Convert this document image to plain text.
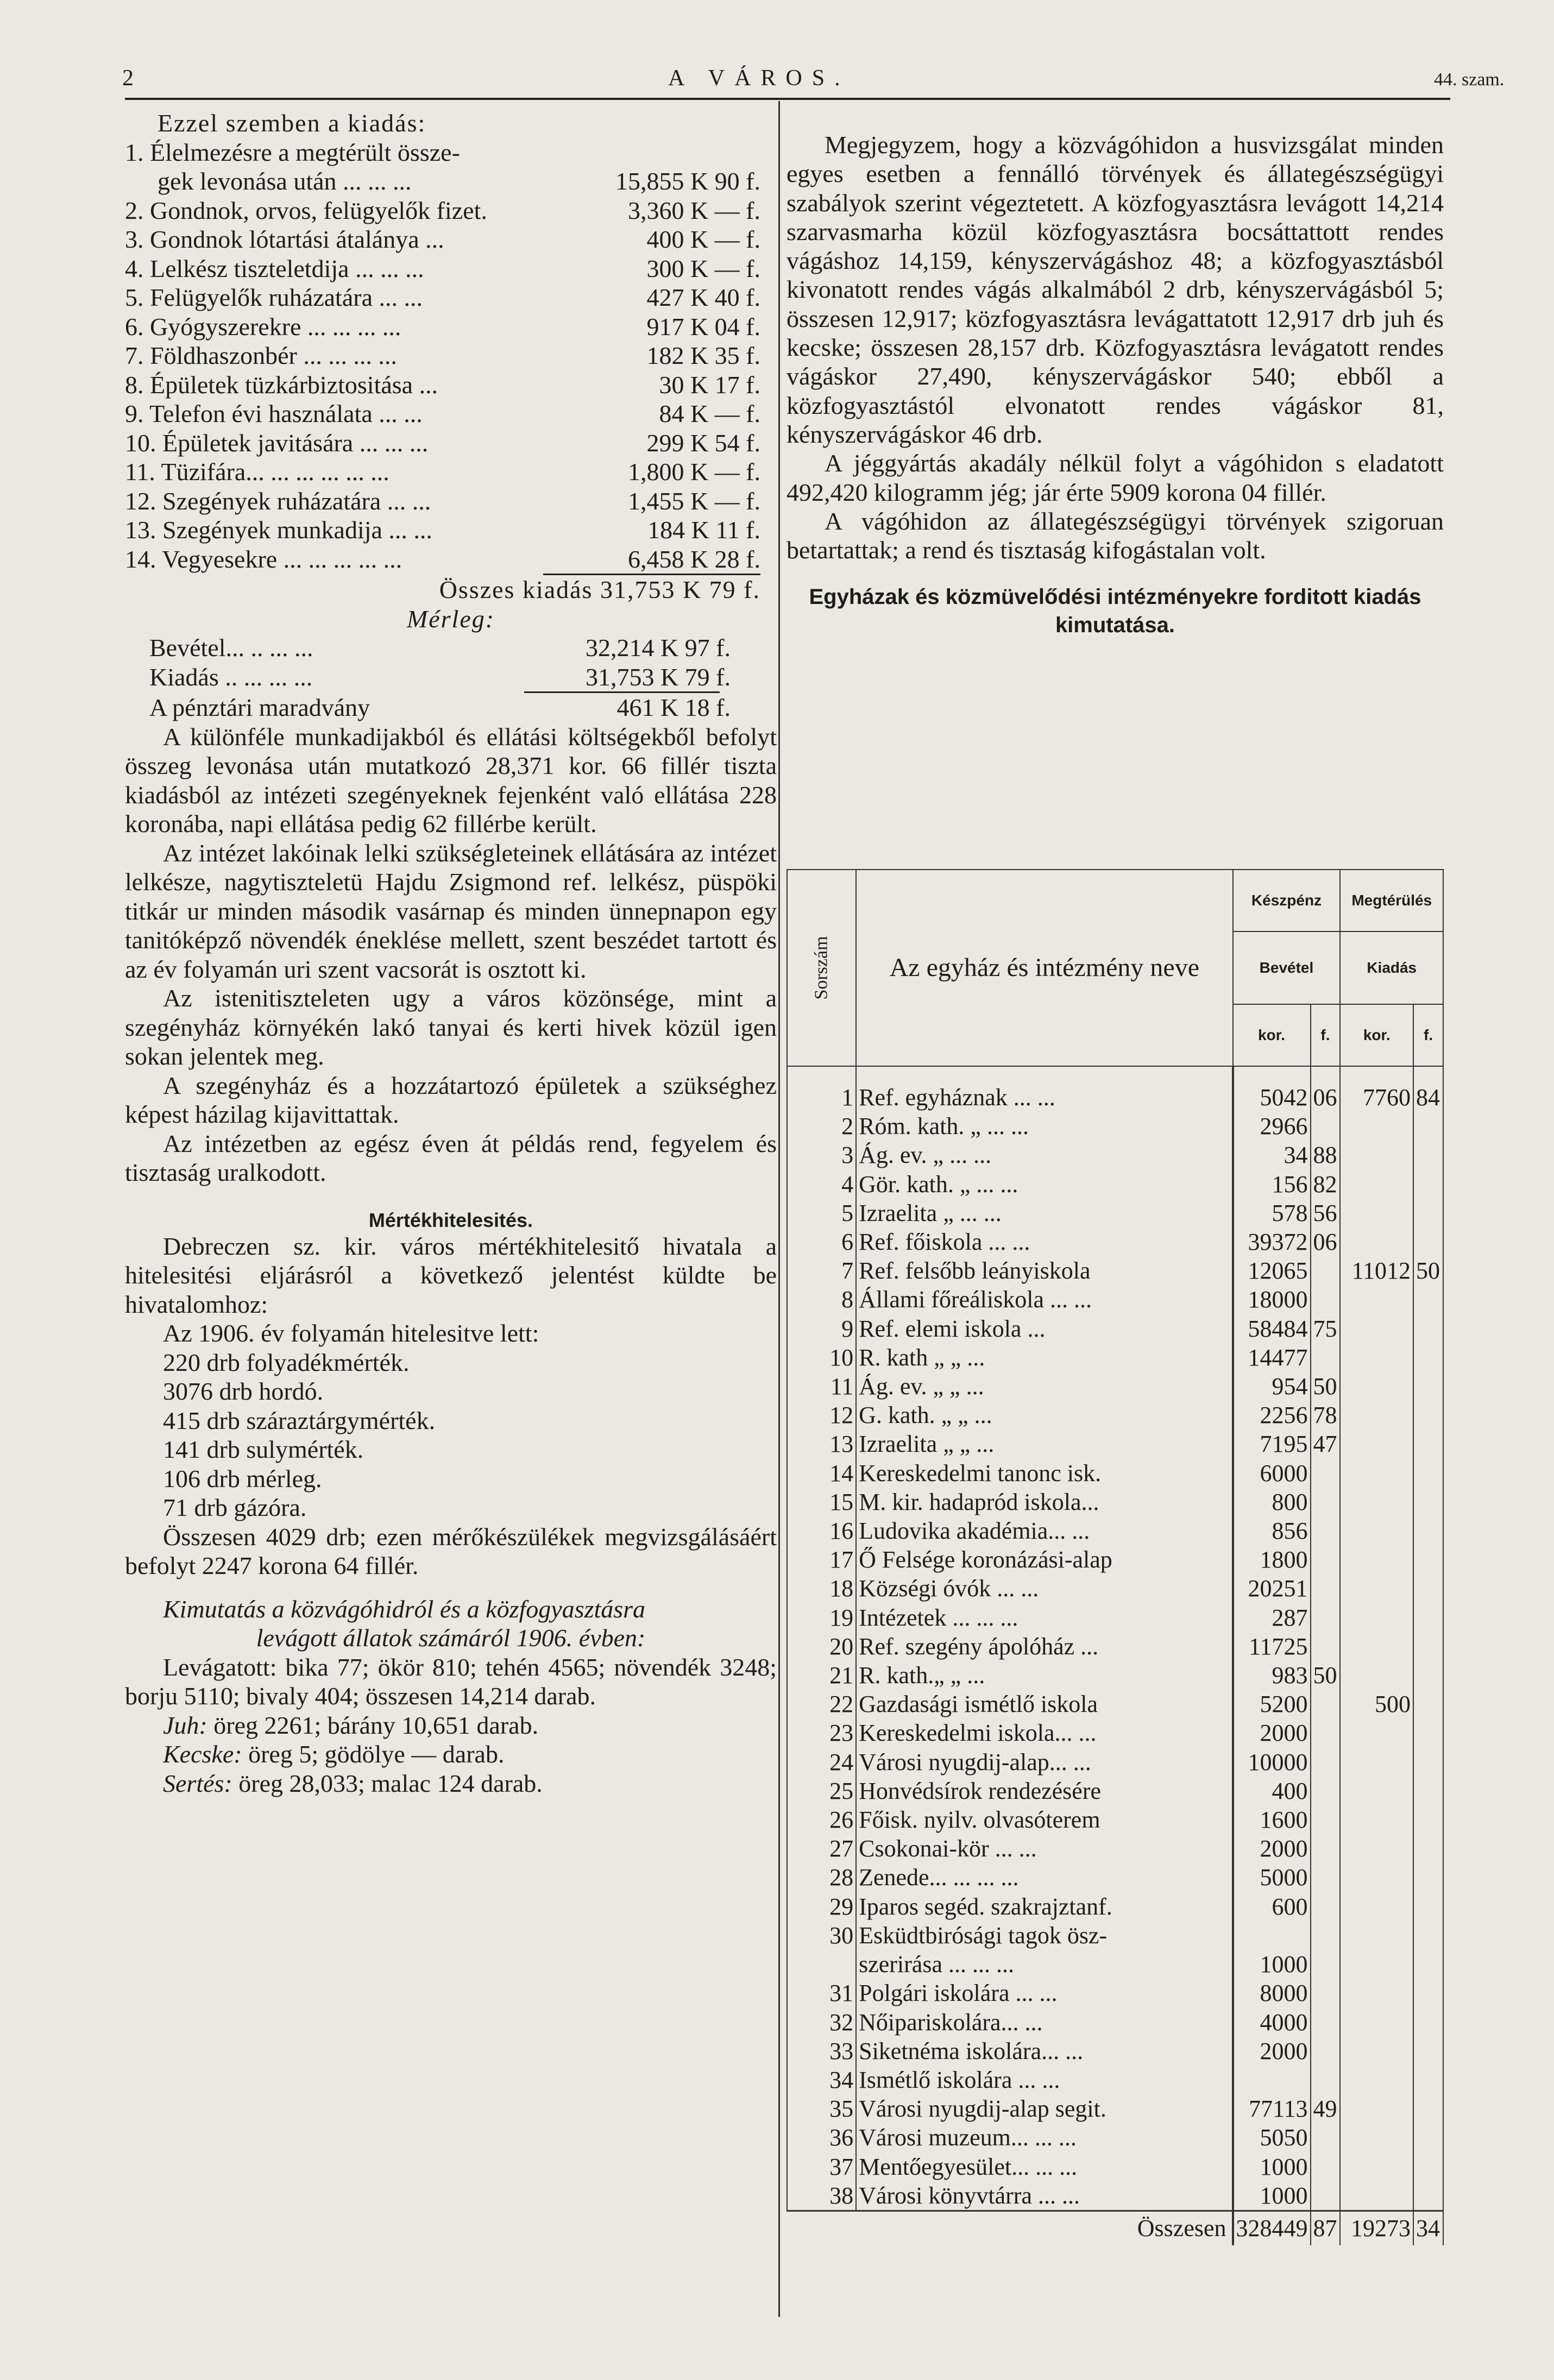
2	A VÁROS.	44. szam.
Ezzel szemben a kiadás:
1. Élelmezésre a megtérült össze-
gek levonása után ... ... ...	15,855 K 90 f.
2. Gondnok, orvos, felügyelők fizet.	3,360 K — f.
3. Gondnok lótartási átalánya ...	400 K — f.
4. Lelkész tiszteletdija ... ... ...	300 K — f.
5. Felügyelők ruházatára ... ...	427 K 40 f.
6. Gyógyszerekre ... ... ... ...	917 K 04 f.
7. Földhaszonbér ... ... ... ...	182 K 35 f.
8. Épületek tüzkárbiztositása ...	30 K 17 f.
9. Telefon évi használata ... ...	84 K — f.
10. Épületek javitására ... ... ...	299 K 54 f.
11. Tüzifára... ... ... ... ... ...	1,800 K — f.
12. Szegények ruházatára ... ...	1,455 K — f.
13. Szegények munkadija ... ...	184 K 11 f.
14. Vegyesekre ... ... ... ... ...	6,458 K 28 f.
Összes kiadás 31,753 K 79 f.
Mérleg:
Bevétel... .. ... ...	32,214 K 97 f.
Kiadás .. ... ... ...	31,753 K 79 f.
A pénztári maradvány	461 K 18 f.
A különféle munkadijakból és ellátási költségekből befolyt összeg levonása után mutatkozó 28,371 kor. 66 fillér tiszta kiadásból az intézeti szegényeknek fejenként való ellátása 228 koronába, napi ellátása pedig 62 fillérbe került.
Az intézet lakóinak lelki szükségleteinek ellátására az intézet lelkésze, nagytiszteletü Hajdu Zsigmond ref. lelkész, püspöki titkár ur minden második vasárnap és minden ünnepnapon egy tanitóképző növendék éneklése mellett, szent beszédet tartott és az év folyamán uri szent vacsorát is osztott ki.
Az istenitiszteleten ugy a város közönsége, mint a szegényház környékén lakó tanyai és kerti hivek közül igen sokan jelentek meg.
A szegényház és a hozzátartozó épületek a szükséghez képest házilag kijavittattak.
Az intézetben az egész éven át példás rend, fegyelem és tisztaság uralkodott.
Mértékhitelesités.
Debreczen sz. kir. város mértékhitelesitő hivatala a hitelesitési eljárásról a következő jelentést küldte be hivatalomhoz:
Az 1906. év folyamán hitelesitve lett:
220 drb folyadékmérték.
3076 drb hordó.
415 drb száraztárgymérték.
141 drb sulymérték.
106 drb mérleg.
71 drb gázóra.
Összesen 4029 drb; ezen mérőkészülékek megvizsgálásáért befolyt 2247 korona 64 fillér.
Kimutatás a közvágóhidról és a közfogyasztásra
levágott állatok számáról 1906. évben:
Levágatott: bika 77; ökör 810; tehén 4565; növendék 3248; borju 5110; bivaly 404; összesen 14,214 darab.
Juh: öreg 2261; bárány 10,651 darab.
Kecske: öreg 5; gödölye — darab.
Sertés: öreg 28,033; malac 124 darab.
Megjegyzem, hogy a közvágóhidon a husvizsgálat minden egyes esetben a fennálló törvények és állategészségügyi szabályok szerint végeztetett. A közfogyasztásra levágott 14,214 szarvasmarha közül közfogyasztásra bocsáttattott rendes vágáshoz 14,159, kényszervágáshoz 48; a közfogyasztásból kivonatott rendes vágás alkalmából 2 drb, kényszervágásból 5; összesen 12,917; közfogyasztásra levágattatott 12,917 drb juh és kecske; összesen 28,157 drb. Közfogyasztásra levágatott rendes vágáskor 27,490, kényszervágáskor 540; ebből a közfogyasztástól elvonatott rendes vágáskor 81, kényszervágáskor 46 drb.
A jéggyártás akadály nélkül folyt a vágóhidon s eladatott 492,420 kilogramm jég; jár érte 5909 korona 04 fillér.
A vágóhidon az állategészségügyi törvények szigoruan betartattak; a rend és tisztaság kifogástalan volt.
Egyházak és közmüvelődési intézményekre forditott kiadás kimutatása.
Sorszám	Az egyház és intézmény neve	Készpénz		Megtérülés	
		Bevétel		Kiadás	
		kor.	f.	kor.	f.
1	Ref. egyháznak ... ...	5042	06	7760	84
2	Róm. kath. „ ... ...	2966			
3	Ág. ev. „ ... ...	34	88		
4	Gör. kath. „ ... ...	156	82		
5	Izraelita „ ... ...	578	56		
6	Ref. főiskola ... ...	39372	06		
7	Ref. felsőbb leányiskola	12065		11012	50
8	Állami főreáliskola ... ...	18000			
9	Ref. elemi iskola ...	58484	75		
10	R. kath „ „ ...	14477			
11	Ág. ev. „ „ ...	954	50		
12	G. kath. „ „ ...	2256	78		
13	Izraelita „ „ ...	7195	47		
14	Kereskedelmi tanonc isk.	6000			
15	M. kir. hadapród iskola...	800			
16	Ludovika akadémia... ...	856			
17	Ő Felsége koronázási-alap	1800			
18	Községi óvók ... ...	20251			
19	Intézetek ... ... ...	287			
20	Ref. szegény ápolóház ...	11725			
21	R. kath.„ „ ...	983	50		
22	Gazdasági ismétlő iskola	5200		500	
23	Kereskedelmi iskola... ...	2000			
24	Városi nyugdij-alap... ...	10000			
25	Honvédsírok rendezésére	400			
26	Főisk. nyilv. olvasóterem	1600			
27	Csokonai-kör ... ...	2000			
28	Zenede... ... ... ...	5000			
29	Iparos segéd. szakrajztanf.	600			
30	Esküdtbirósági tagok ösz-				
	szerirása ... ... ...	1000			
31	Polgári iskolára ... ...	8000			
32	Nőipariskolára... ...	4000			
33	Siketnéma iskolára... ...	2000			
34	Ismétlő iskolára ... ...				
35	Városi nyugdij-alap segit.	77113	49		
36	Városi muzeum... ... ...	5050			
37	Mentőegyesület... ... ...	1000			
38	Városi könyvtárra ... ...	1000			
Összesen		328449	87	19273	34
